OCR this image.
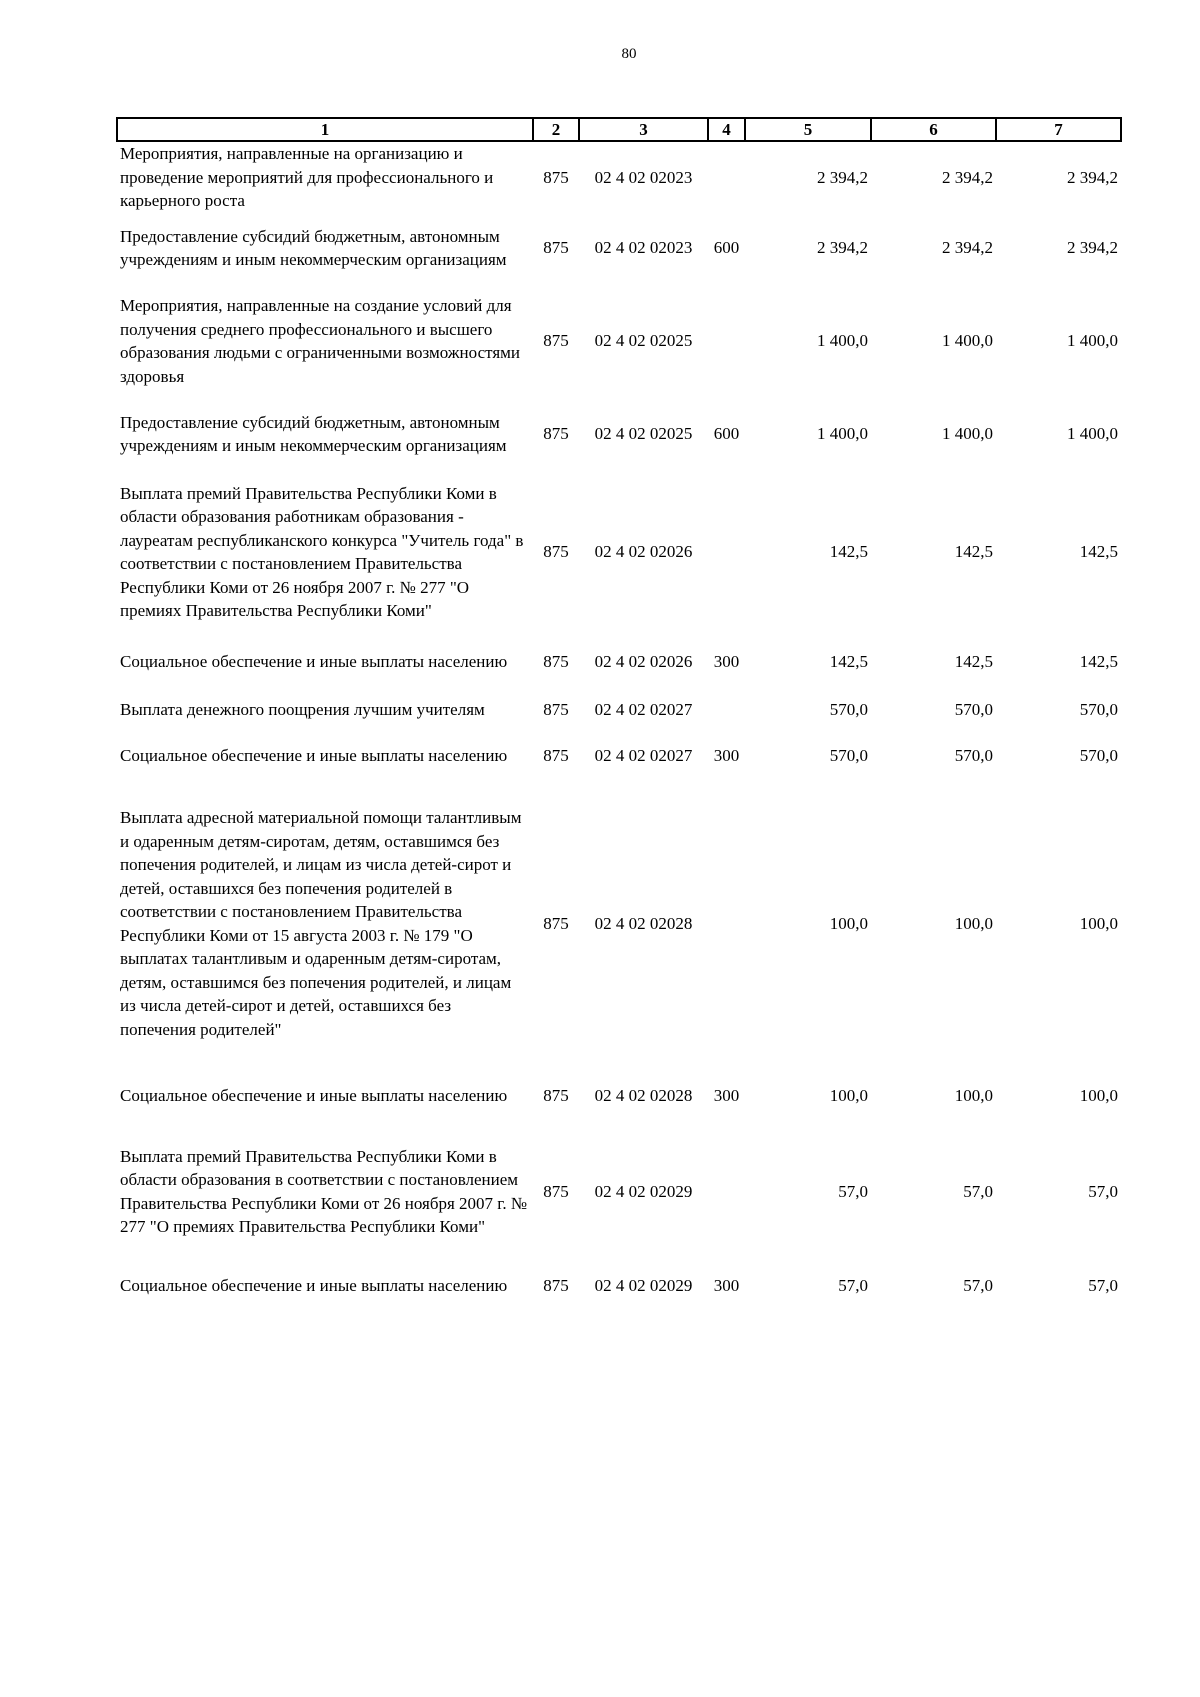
80
1	2	3	4	5	6	7
Мероприятия, направленные на организацию и проведение мероприятий для профессионального и карьерного роста	875	02 4 02 02023		2 394,2	2 394,2	2 394,2
Предоставление субсидий бюджетным, автономным учреждениям и иным некоммерческим организациям	875	02 4 02 02023	600	2 394,2	2 394,2	2 394,2
Мероприятия, направленные на создание условий для получения среднего профессионального и высшего образования людьми с ограниченными возможностями здоровья	875	02 4 02 02025		1 400,0	1 400,0	1 400,0
Предоставление субсидий бюджетным, автономным учреждениям и иным некоммерческим организациям	875	02 4 02 02025	600	1 400,0	1 400,0	1 400,0
Выплата премий Правительства Республики Коми в области образования работникам образования - лауреатам республиканского конкурса "Учитель года" в соответствии с постановлением Правительства Республики Коми от 26 ноября 2007 г. № 277 "О премиях Правительства Республики Коми"	875	02 4 02 02026		142,5	142,5	142,5
Социальное обеспечение и иные выплаты населению	875	02 4 02 02026	300	142,5	142,5	142,5
Выплата денежного поощрения лучшим учителям	875	02 4 02 02027		570,0	570,0	570,0
Социальное обеспечение и иные выплаты населению	875	02 4 02 02027	300	570,0	570,0	570,0
Выплата адресной материальной помощи талантливым и одаренным детям-сиротам, детям, оставшимся без попечения родителей, и лицам из числа детей-сирот и детей, оставшихся без попечения родителей в соответствии с постановлением Правительства Республики Коми от 15 августа 2003 г. № 179 "О выплатах талантливым и одаренным детям-сиротам, детям, оставшимся без попечения родителей, и лицам из числа детей-сирот и детей, оставшихся без попечения родителей"	875	02 4 02 02028		100,0	100,0	100,0
Социальное обеспечение и иные выплаты населению	875	02 4 02 02028	300	100,0	100,0	100,0
Выплата премий Правительства Республики Коми в области образования в соответствии с постановлением Правительства Республики Коми от 26 ноября 2007 г. № 277 "О премиях Правительства Республики Коми"	875	02 4 02 02029		57,0	57,0	57,0
Социальное обеспечение и иные выплаты населению	875	02 4 02 02029	300	57,0	57,0	57,0
